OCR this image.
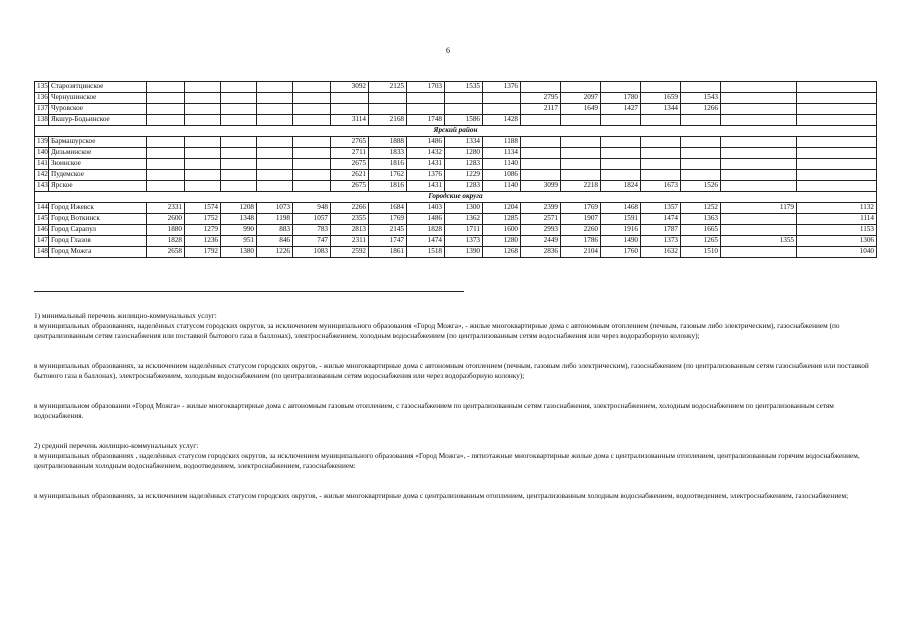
6
135	Старозятцинское						3092	2125	1703	1535	1376							
136	Чернушинское											2795	2097	1780	1659	1543		
137	Чуровское											2117	1649	1427	1344	1266		
138	Якшур-Бодьинское						3114	2168	1748	1586	1428							
Ярский район																		
139	Бармашурское						2765	1888	1486	1334	1188							
140	Дизьминское						2711	1833	1432	1280	1134							
141	Зюинское						2675	1816	1431	1283	1140							
142	Пудемское						2621	1762	1376	1229	1086							
143	Ярское						2675	1816	1431	1283	1140	3099	2218	1824	1673	1526		
Городские округа																		
144	Город Ижевск	2331	1574	1208	1073	948	2266	1684	1403	1300	1204	2399	1769	1468	1357	1252	1179	1132
145	Город Воткинск	2600	1752	1348	1198	1057	2355	1769	1486	1362	1285	2571	1907	1591	1474	1363		1114
146	Город Сарапул	1880	1279	990	883	783	2813	2145	1828	1711	1600	2993	2260	1916	1787	1665		1153
147	Город Глазов	1828	1236	951	846	747	2311	1747	1474	1373	1280	2449	1786	1490	1373	1265	1355	1306
148	Город Можга	2658	1792	1380	1226	1083	2592	1861	1518	1390	1268	2836	2104	1760	1632	1510		1040

1) минимальный перечень жилищно-коммунальных услуг:

в муниципальных образованиях, наделённых статусом городских округов, за исключением муниципального образования «Город Можга», - жилые многоквартирные дома с автономным отоплением (печным, газовым либо электрическим), газоснабжением (по централизованным сетям газоснабжения или поставкой бытового газа в баллонах), электроснабжением, холодным водоснабжением (по централизованным сетям водоснабжения или через водоразборную колонку);

в муниципальных образованиях, за исключением наделённых статусом городских округов, - жилые многоквартирные дома с автономным отоплением (печным, газовым либо электрическим), газоснабжением (по централизованным сетям газоснабжения или поставкой бытового газа в баллонах), электроснабжением, холодным водоснабжением (по централизованным сетям водоснабжения или через водоразборную колонку);

в муниципальном образовании «Город Можга» - жилые многоквартирные дома с автономным газовым отоплением, с газоснабжением по централизованным сетям газоснабжения, электроснабжением, холодным водоснабжением по централизованным сетям водоснабжения.

2) средний перечень жилищно-коммунальных услуг:

в муниципальных образованиях , наделённых статусом городских округов, за исключением муниципального образования «Город Можга», - пятиэтажные многоквартирные жилые дома с централизованным отоплением, централизованным горячим водоснабжением, централизованным холодным водоснабжением, водоотведением, электроснабжением, газоснабжением:

в муниципальных образованиях, за исключением наделённых статусом городских округов, - жилые многоквартирные дома с централизованным отоплением, централизованным холодным водоснабжением, водоотведением, электроснабжением, газоснабжением;
